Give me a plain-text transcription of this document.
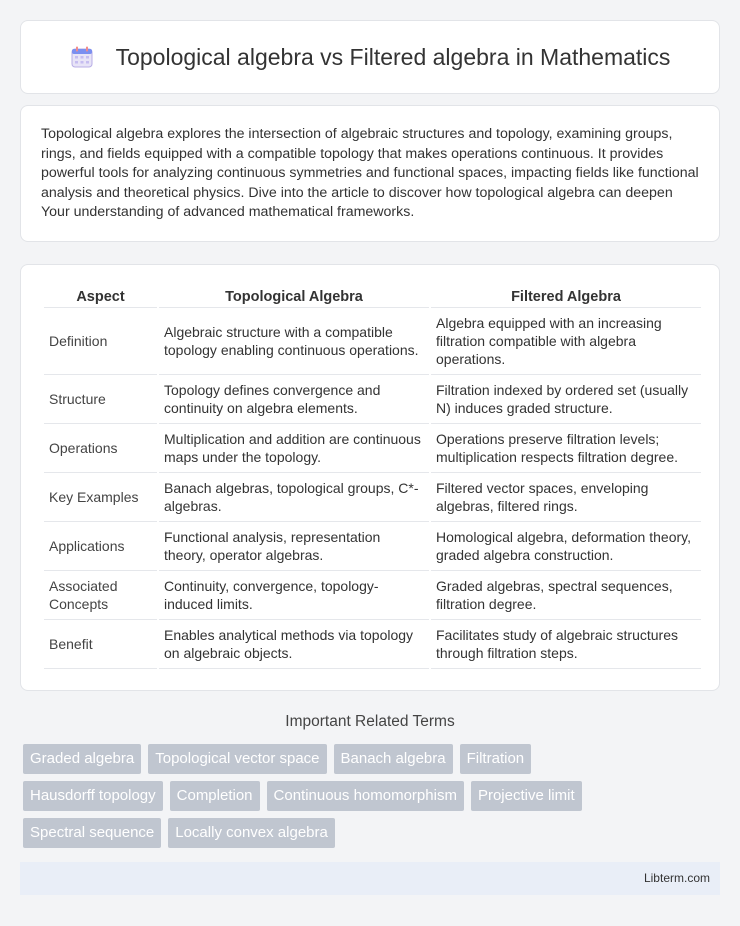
Topological algebra vs Filtered algebra in Mathematics

Topological algebra explores the intersection of algebraic structures and topology, examining groups, rings, and fields equipped with a compatible topology that makes operations continuous. It provides powerful tools for analyzing continuous symmetries and functional spaces, impacting fields like functional analysis and theoretical physics. Dive into the article to discover how topological algebra can deepen Your understanding of advanced mathematical frameworks.

Aspect	Topological Algebra	Filtered Algebra
Definition	Algebraic structure with a compatible topology enabling continuous operations.	Algebra equipped with an increasing filtration compatible with algebra operations.
Structure	Topology defines convergence and continuity on algebra elements.	Filtration indexed by ordered set (usually N) induces graded structure.
Operations	Multiplication and addition are continuous maps under the topology.	Operations preserve filtration levels; multiplication respects filtration degree.
Key Examples	Banach algebras, topological groups, C*-algebras.	Filtered vector spaces, enveloping algebras, filtered rings.
Applications	Functional analysis, representation theory, operator algebras.	Homological algebra, deformation theory, graded algebra construction.
Associated Concepts	Continuity, convergence, topology-induced limits.	Graded algebras, spectral sequences, filtration degree.
Benefit	Enables analytical methods via topology on algebraic objects.	Facilitates study of algebraic structures through filtration steps.
Important Related Terms
Graded algebra	Topological vector space	Banach algebra	Filtration
Hausdorff topology	Completion	Continuous homomorphism	Projective limit
Spectral sequence	Locally convex algebra
Libterm.com
